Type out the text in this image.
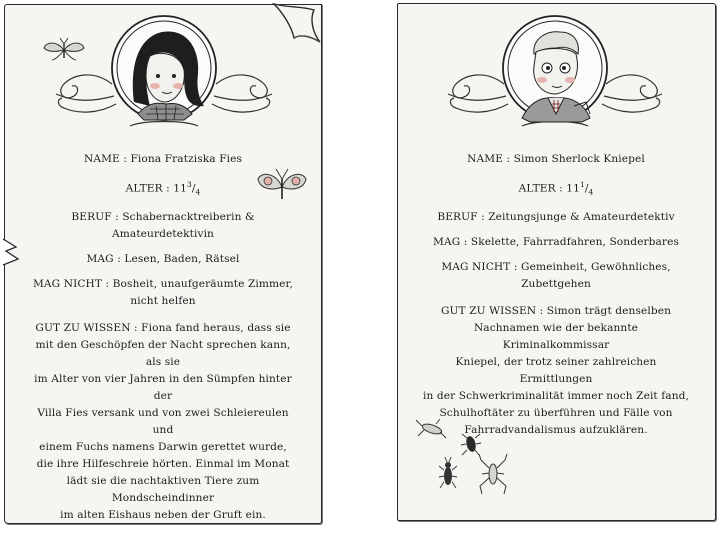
NAME : Fiona Fratziska Fies
ALTER : $11^3/_4$
BERUF : Schabernacktreiberin & Amateurdetektivin
MAG : Lesen, Baden, Rätsel
MAG NICHT : Bosheit, unaufgeräumte Zimmer,
nicht helfen
GUT ZU WISSEN : Fiona fand heraus, dass sie
mit den Geschöpfen der Nacht sprechen kann, als sie
im Alter von vier Jahren in den Sümpfen hinter der
Villa Fies versank und von zwei Schleiereulen und
einem Fuchs namens Darwin gerettet wurde,
die ihre Hilfeschreie hörten. Einmal im Monat
lädt sie die nachtaktiven Tiere zum Mondscheindinner
im alten Eishaus neben der Gruft ein.
NAME : Simon Sherlock Kniepel
ALTER : $11^1/_4$
BERUF : Zeitungsjunge & Amateurdetektiv
MAG : Skelette, Fahrradfahren, Sonderbares
MAG NICHT : Gemeinheit, Gewöhnliches,
Zubettgehen
GUT ZU WISSEN : Simon trägt denselben
Nachnamen wie der bekannte Kriminalkommissar
Kniepel, der trotz seiner zahlreichen Ermittlungen
in der Schwerkriminalität immer noch Zeit fand,
Schulhoftäter zu überführen und Fälle von
Fahrradvandalismus aufzuklären.
